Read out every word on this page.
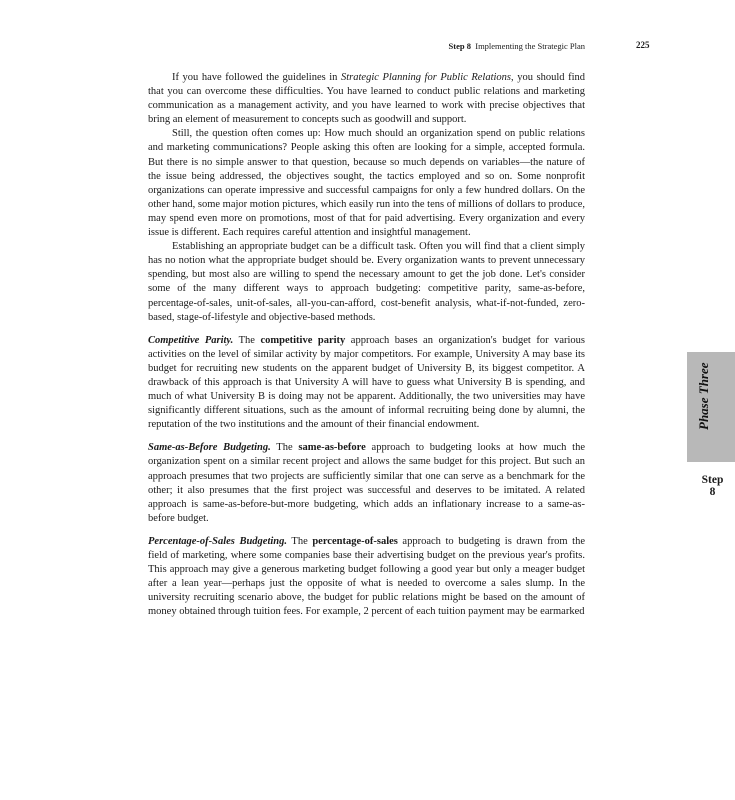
Step 8 Implementing the Strategic Plan	225

If you have followed the guidelines in Strategic Planning for Public Relations, you should find that you can overcome these difficulties. You have learned to conduct public relations and marketing communication as a management activity, and you have learned to work with precise objectives that bring an element of measurement to concepts such as goodwill and support.

Still, the question often comes up: How much should an organization spend on public relations and marketing communications? People asking this often are looking for a simple, accepted formula. But there is no simple answer to that question, because so much depends on variables—the nature of the issue being addressed, the objectives sought, the tactics employed and so on. Some nonprofit organizations can operate impressive and successful campaigns for only a few hundred dollars. On the other hand, some major motion pictures, which easily run into the tens of millions of dollars to produce, may spend even more on promotions, most of that for paid advertising. Every organization and every issue is different. Each requires careful attention and insightful management.

Establishing an appropriate budget can be a difficult task. Often you will find that a client simply has no notion what the appropriate budget should be. Every organization wants to prevent unnecessary spending, but most also are willing to spend the necessary amount to get the job done. Let's consider some of the many different ways to approach budgeting: competitive parity, same-as-before, percentage-of-sales, unit-of-sales, all-you-can-afford, cost-benefit analysis, what-if-not-funded, zero-based, stage-of-lifestyle and objective-based methods.

Competitive Parity. The competitive parity approach bases an organization's budget for various activities on the level of similar activity by major competitors. For example, University A may base its budget for recruiting new students on the apparent budget of University B, its biggest competitor. A drawback of this approach is that University A will have to guess what University B is spending, and much of what University B is doing may not be apparent. Additionally, the two universities may have significantly different situations, such as the amount of informal recruiting being done by alumni, the reputation of the two institutions and the amount of their financial endowment.

Same-as-Before Budgeting. The same-as-before approach to budgeting looks at how much the organization spent on a similar recent project and allows the same budget for this project. But such an approach presumes that two projects are sufficiently similar that one can serve as a benchmark for the other; it also presumes that the first project was successful and deserves to be imitated. A related approach is same-as-before-but-more budgeting, which adds an inflationary increase to a same-as-before budget.

Percentage-of-Sales Budgeting. The percentage-of-sales approach to budgeting is drawn from the field of marketing, where some companies base their advertising budget on the previous year's profits. This approach may give a generous marketing budget following a good year but only a meager budget after a lean year—perhaps just the opposite of what is needed to overcome a sales slump. In the university recruiting scenario above, the budget for public relations might be based on the amount of money obtained through tuition fees. For example, 2 percent of each tuition payment may be earmarked

Phase Three
Step
8
